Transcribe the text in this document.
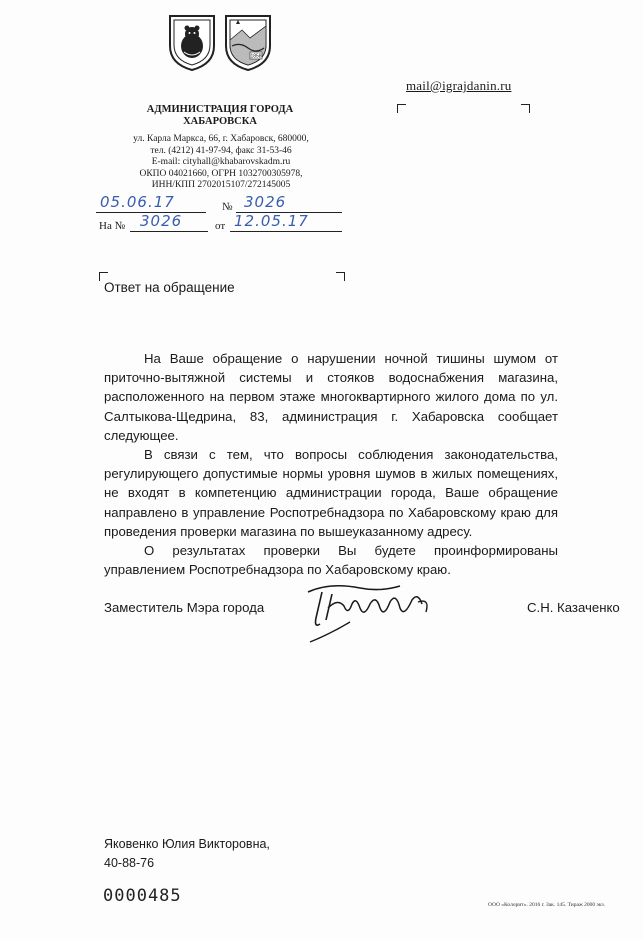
1858
mail@igrajdanin.ru
АДМИНИСТРАЦИЯ ГОРОДА
ХАБАРОВСКА
ул. Карла Маркса, 66, г. Хабаровск, 680000,
тел. (4212) 41-97-94, факс 31-53-46
E-mail: cityhall@khabarovskadm.ru
ОКПО 04021660, ОГРН 1032700305978,
ИНН/КПП 2702015107/272145005
05.06.17	№ 3026
На № 3026	от 12.05.17
Ответ на обращение

На Ваше обращение о нарушении ночной тишины шумом от приточно-вытяжной системы и стояков водоснабжения магазина, расположенного на первом этаже многоквартирного жилого дома по ул. Салтыкова-Щедрина, 83, администрация г. Хабаровска сообщает следующее.

В связи с тем, что вопросы соблюдения законодательства, регулирующего допустимые нормы уровня шумов в жилых помещениях, не входят в компетенцию администрации города, Ваше обращение направлено в управление Роспотребнадзора по Хабаровскому краю для проведения проверки магазина по вышеуказанному адресу.

О результатах проверки Вы будете проинформированы управлением Роспотребнадзора по Хабаровскому краю.

Заместитель Мэра города	С.Н. Казаченко
Яковенко Юлия Викторовна,
40-88-76
0000485	ООО «Колорит». 2016 г. Зак. 145. Тираж 2000 экз.
